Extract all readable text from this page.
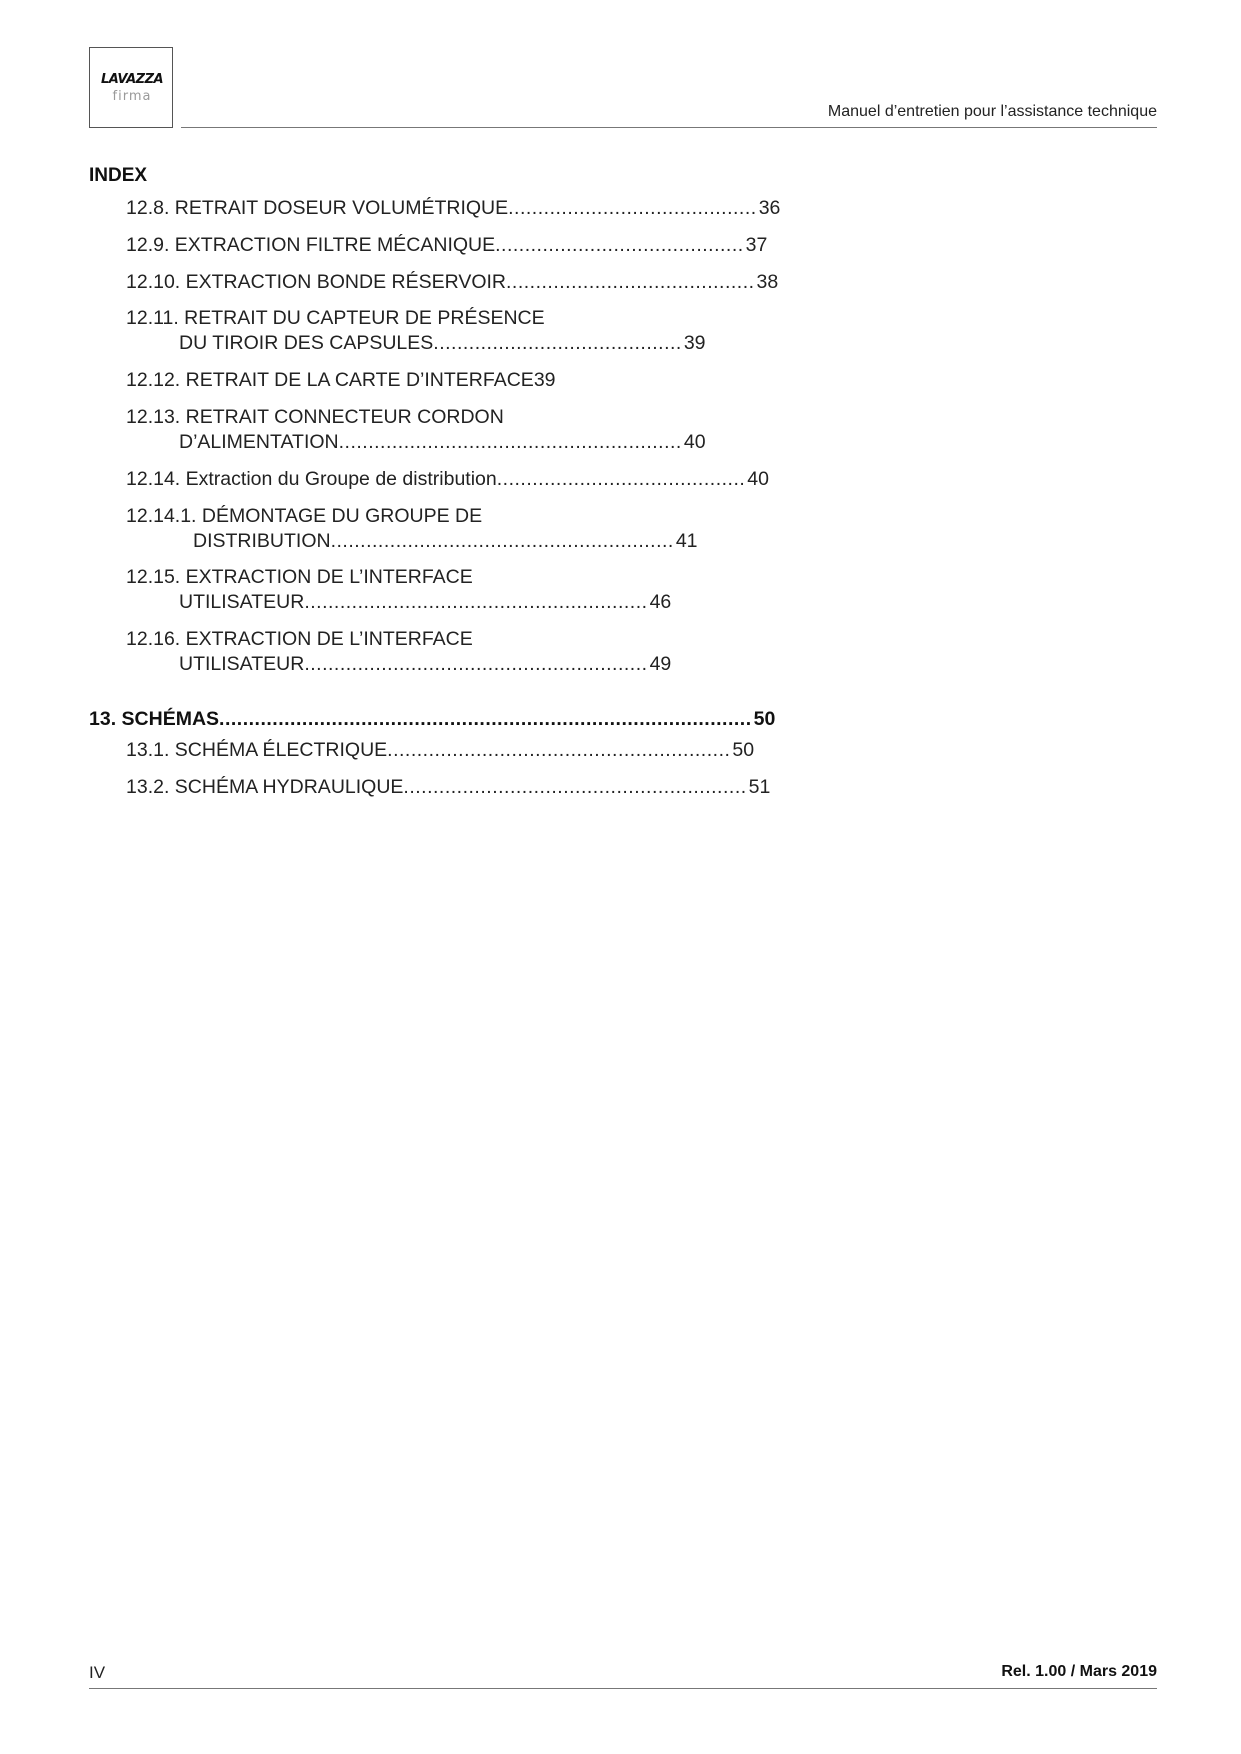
LAVAZZA
firma
Manuel d’entretien pour l’assistance technique
INDEX
12.8. RETRAIT DOSEUR VOLUMÉTRIQUE .......................................... 36
12.9. EXTRACTION FILTRE MÉCANIQUE .......................................... 37
12.10. EXTRACTION BONDE RÉSERVOIR .......................................... 38
12.11. RETRAIT DU CAPTEUR DE PRÉSENCE
DU TIROIR DES CAPSULES .......................................... 39
12.12. RETRAIT DE LA CARTE D’INTERFACE 39
12.13. RETRAIT CONNECTEUR CORDON
D’ALIMENTATION .......................................................... 40
12.14. Extraction du Groupe de distribution .......................................... 40
12.14.1. DÉMONTAGE DU GROUPE DE
DISTRIBUTION .......................................................... 41
12.15. EXTRACTION DE L’INTERFACE
UTILISATEUR .......................................................... 46
12.16. EXTRACTION DE L’INTERFACE
UTILISATEUR .......................................................... 49
13. SCHÉMAS .......................................................................................... 50
13.1. SCHÉMA ÉLECTRIQUE .......................................................... 50
13.2. SCHÉMA HYDRAULIQUE .......................................................... 51
IV	Rel. 1.00 / Mars 2019
